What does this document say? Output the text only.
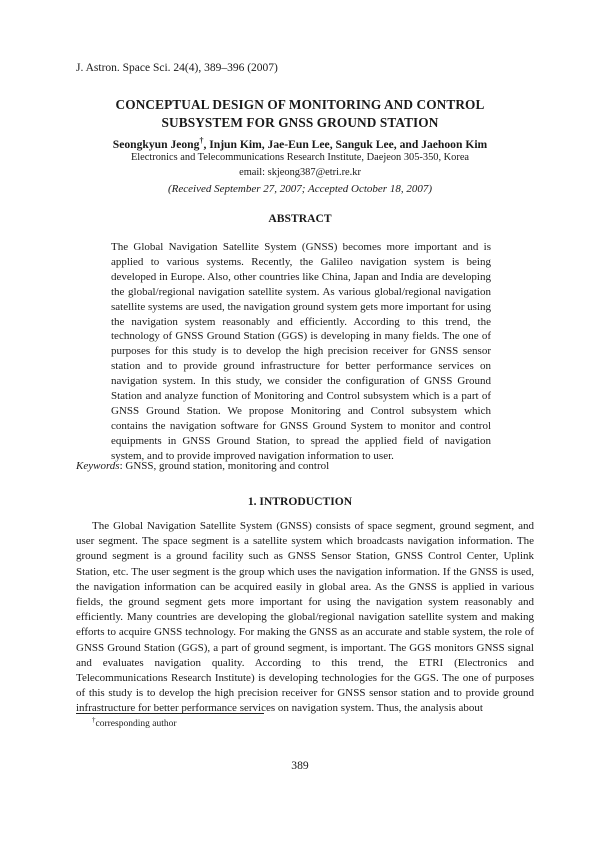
J. Astron. Space Sci. 24(4), 389–396 (2007)
CONCEPTUAL DESIGN OF MONITORING AND CONTROL
SUBSYSTEM FOR GNSS GROUND STATION
Seongkyun Jeong†, Injun Kim, Jae-Eun Lee, Sanguk Lee, and Jaehoon Kim
Electronics and Telecommunications Research Institute, Daejeon 305-350, Korea
email: skjeong387@etri.re.kr
(Received September 27, 2007; Accepted October 18, 2007)
ABSTRACT

The Global Navigation Satellite System (GNSS) becomes more important and is applied to various systems. Recently, the Galileo navigation system is being developed in Europe. Also, other countries like China, Japan and India are developing the global/regional navigation satellite system. As various global/regional navigation satellite systems are used, the navigation ground system gets more important for using the navigation system reasonably and efficiently. According to this trend, the technology of GNSS Ground Station (GGS) is developing in many fields. The one of purposes for this study is to develop the high precision receiver for GNSS sensor station and to provide ground infrastructure for better performance services on navigation system. In this study, we consider the configuration of GNSS Ground Station and analyze function of Monitoring and Control subsystem which is a part of GNSS Ground Station. We propose Monitoring and Control subsystem which contains the navigation software for GNSS Ground System to monitor and control equipments in GNSS Ground Station, to spread the applied field of navigation system, and to provide improved navigation information to user.

Keywords: GNSS, ground station, monitoring and control
1. INTRODUCTION

The Global Navigation Satellite System (GNSS) consists of space segment, ground segment, and user segment. The space segment is a satellite system which broadcasts navigation information. The ground segment is a ground facility such as GNSS Sensor Station, GNSS Control Center, Uplink Station, etc. The user segment is the group which uses the navigation information. If the GNSS is used, the navigation information can be acquired easily in global area. As the GNSS is applied in various fields, the ground segment gets more important for using the navigation system reasonably and efficiently. Many countries are developing the global/regional navigation satellite system and making efforts to acquire GNSS technology. For making the GNSS as an accurate and stable system, the role of GNSS Ground Station (GGS), a part of ground segment, is important. The GGS monitors GNSS signal and evaluates navigation quality. According to this trend, the ETRI (Electronics and Telecommunications Research Institute) is developing technologies for the GGS. The one of purposes of this study is to develop the high precision receiver for GNSS sensor station and to provide ground infrastructure for better performance services on navigation system. Thus, the analysis about

†corresponding author
389
